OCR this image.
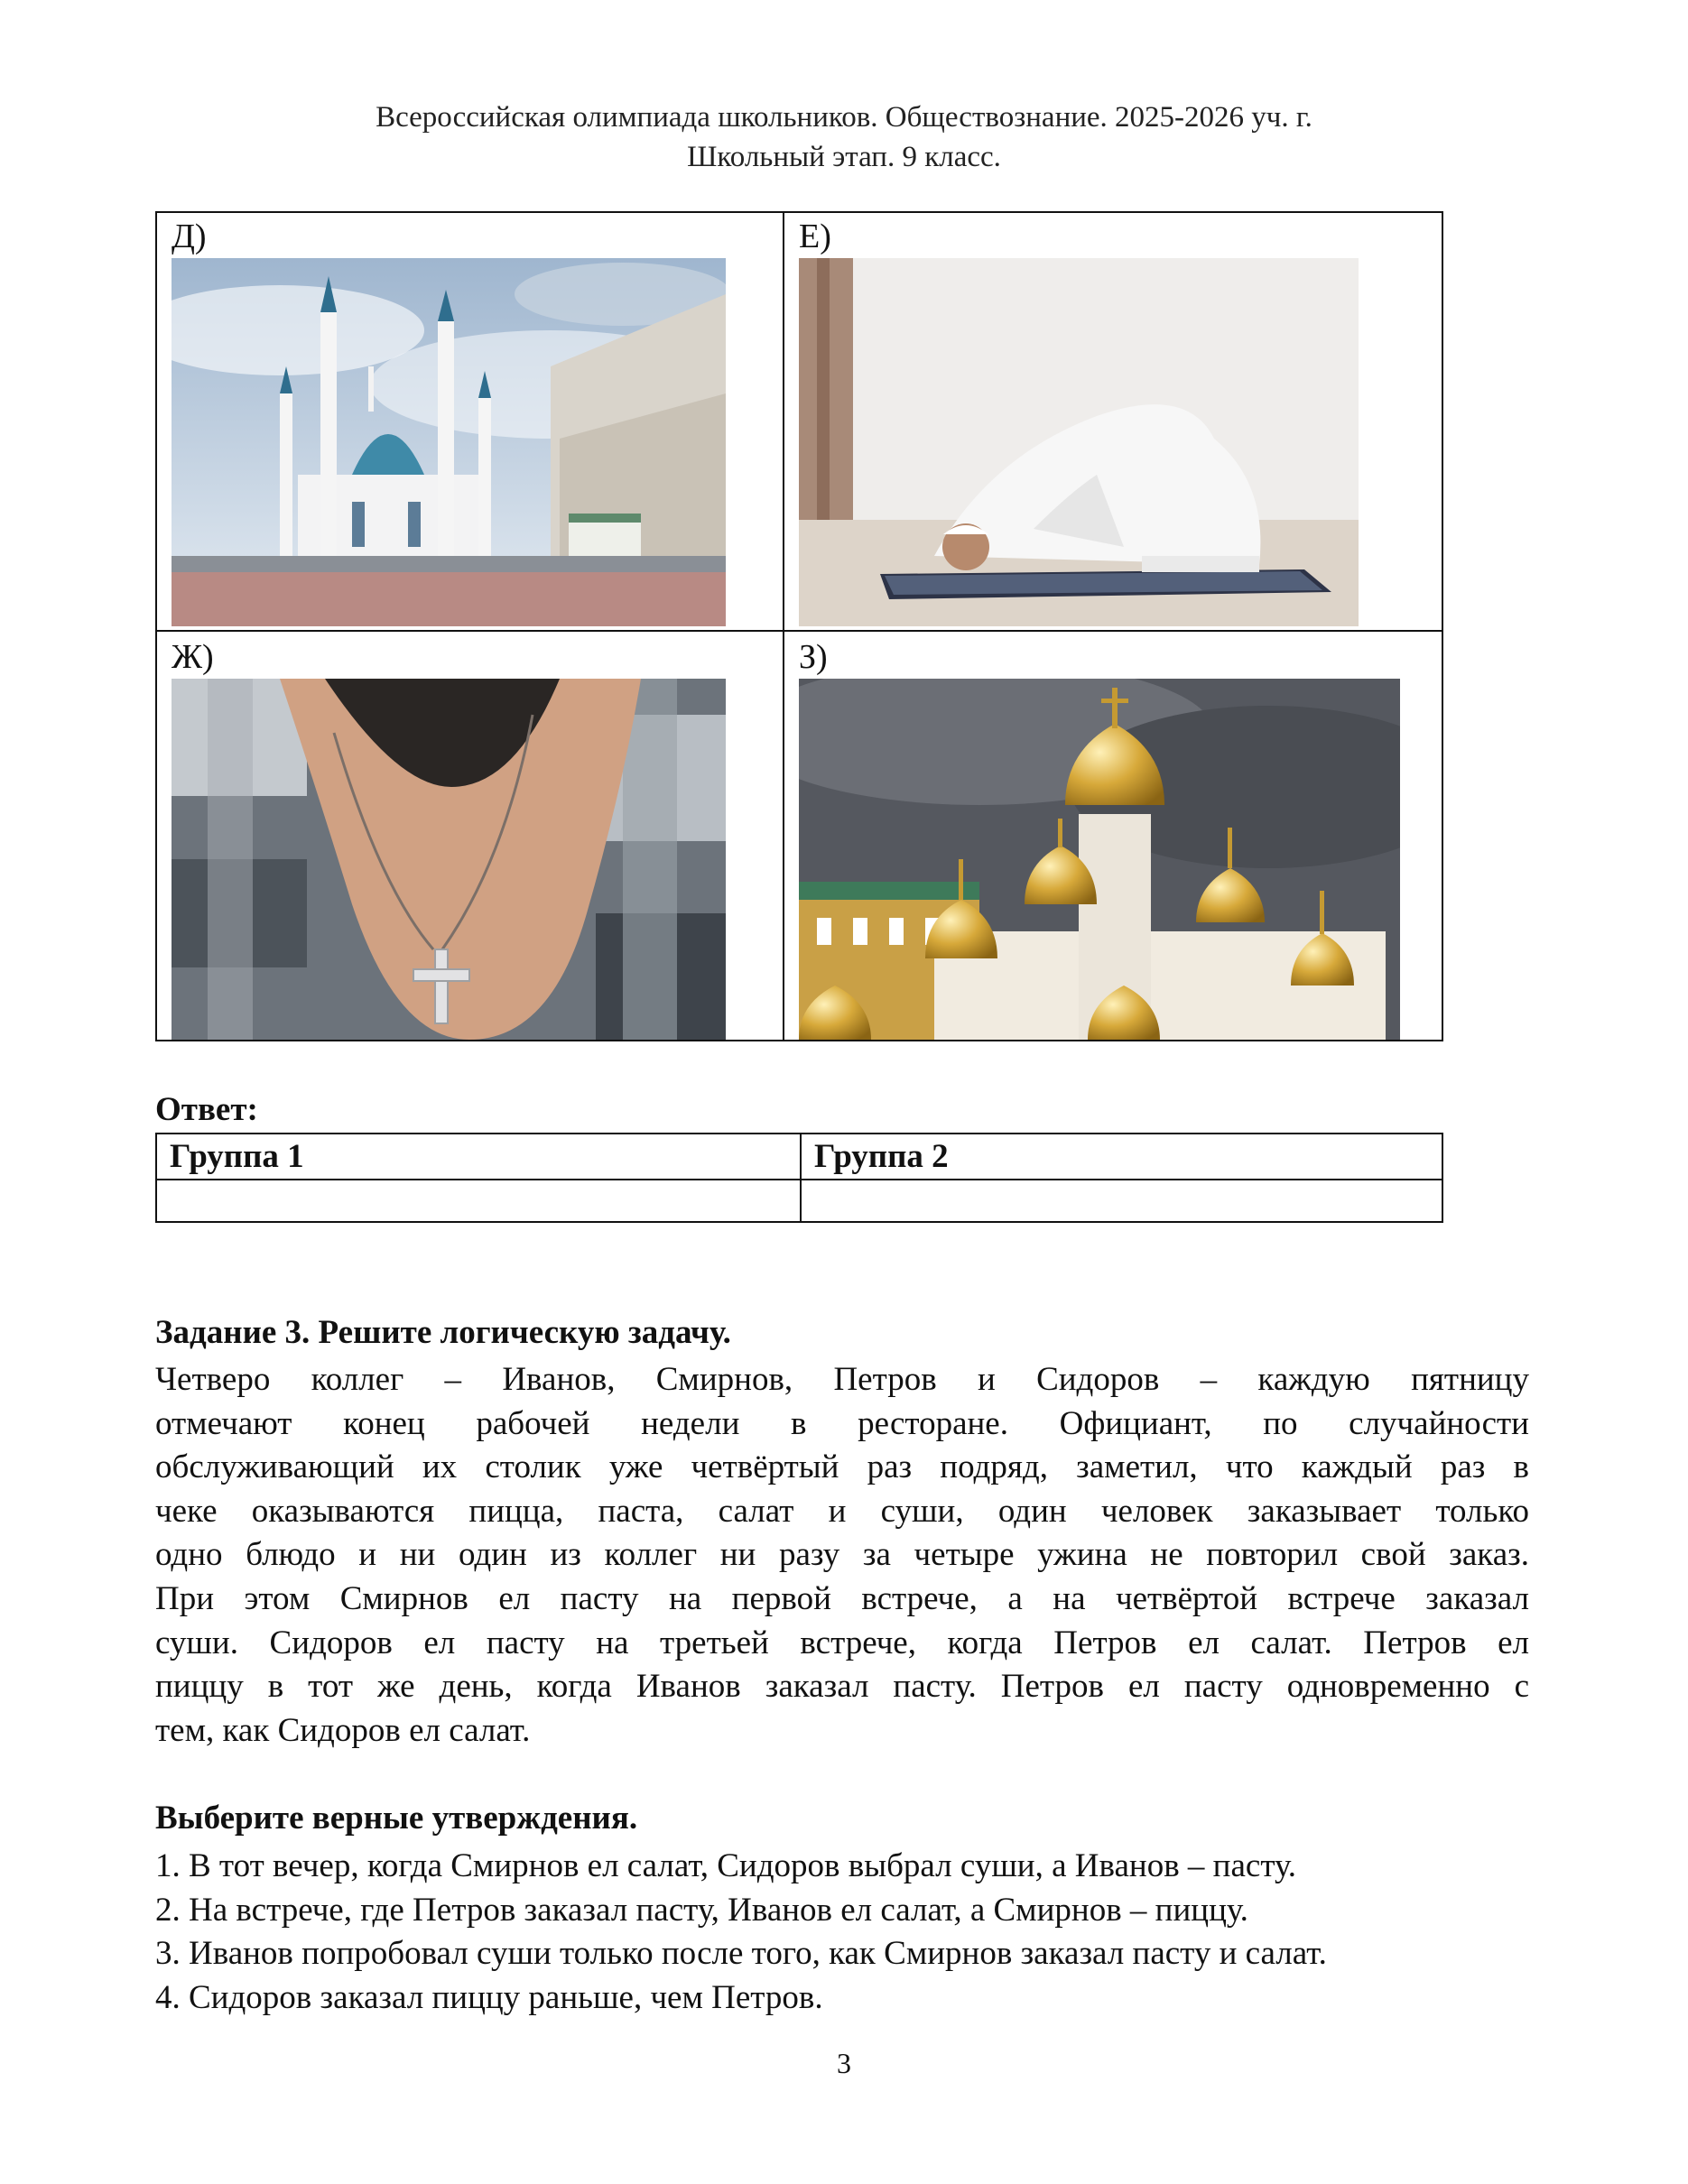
Всероссийская олимпиада школьников. Обществознание. 2025-2026 уч. г.
Школьный этап. 9 класс.
Д)	Е)
Ж)	З)
Ответ:
Группа 1	Группа 2
Задание 3. Решите логическую задачу.
Четверо коллег – Иванов, Смирнов, Петров и Сидоров – каждую пятницу
отмечают конец рабочей недели в ресторане. Официант, по случайности
обслуживающий их столик уже четвёртый раз подряд, заметил, что каждый раз в
чеке оказываются пицца, паста, салат и суши, один человек заказывает только
одно блюдо и ни один из коллег ни разу за четыре ужина не повторил свой заказ.
При этом Смирнов ел пасту на первой встрече, а на четвёртой встрече заказал
суши. Сидоров ел пасту на третьей встрече, когда Петров ел салат. Петров ел
пиццу в тот же день, когда Иванов заказал пасту. Петров ел пасту одновременно с
тем, как Сидоров ел салат.
Выберите верные утверждения.
1. В тот вечер, когда Смирнов ел салат, Сидоров выбрал суши, а Иванов – пасту.
2. На встрече, где Петров заказал пасту, Иванов ел салат, а Смирнов – пиццу.
3. Иванов попробовал суши только после того, как Смирнов заказал пасту и салат.
4. Сидоров заказал пиццу раньше, чем Петров.
3
